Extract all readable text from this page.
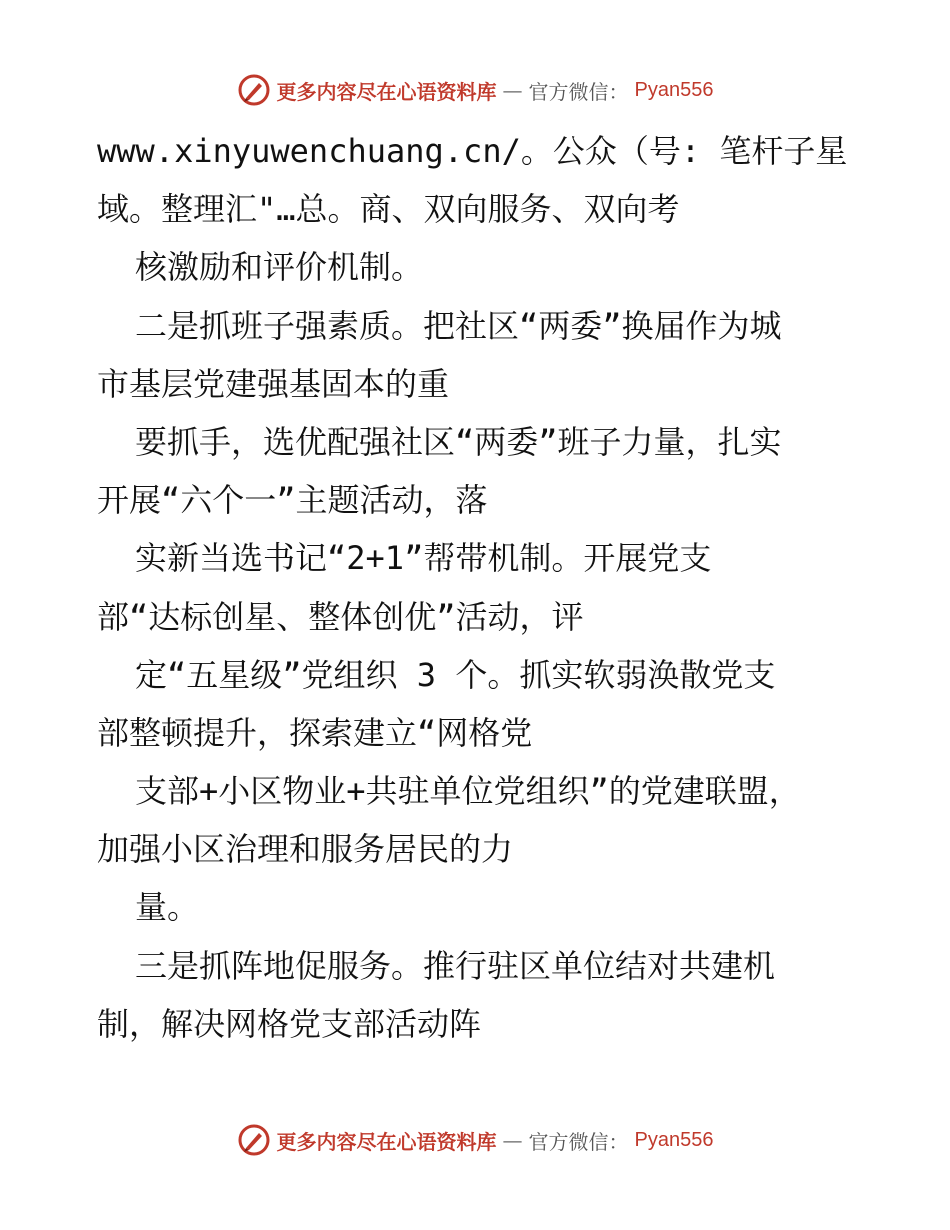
更多内容尽在心语资料库 — 官方微信： Pyan556
www.xinyuwenchuang.cn/。公众（号: 笔杆子星
域。整理汇"…总。商、双向服务、双向考
核激励和评价机制。
二是抓班子强素质。把社区“两委”换届作为城
市基层党建强基固本的重
要抓手，选优配强社区“两委”班子力量，扎实
开展“六个一”主题活动，落
实新当选书记“2+1”帮带机制。开展党支
部“达标创星、整体创优”活动，评
定“五星级”党组织 3 个。抓实软弱涣散党支
部整顿提升，探索建立“网格党
支部+小区物业+共驻单位党组织”的党建联盟，
加强小区治理和服务居民的力
量。
三是抓阵地促服务。推行驻区单位结对共建机
制，解决网格党支部活动阵
更多内容尽在心语资料库 — 官方微信： Pyan556
